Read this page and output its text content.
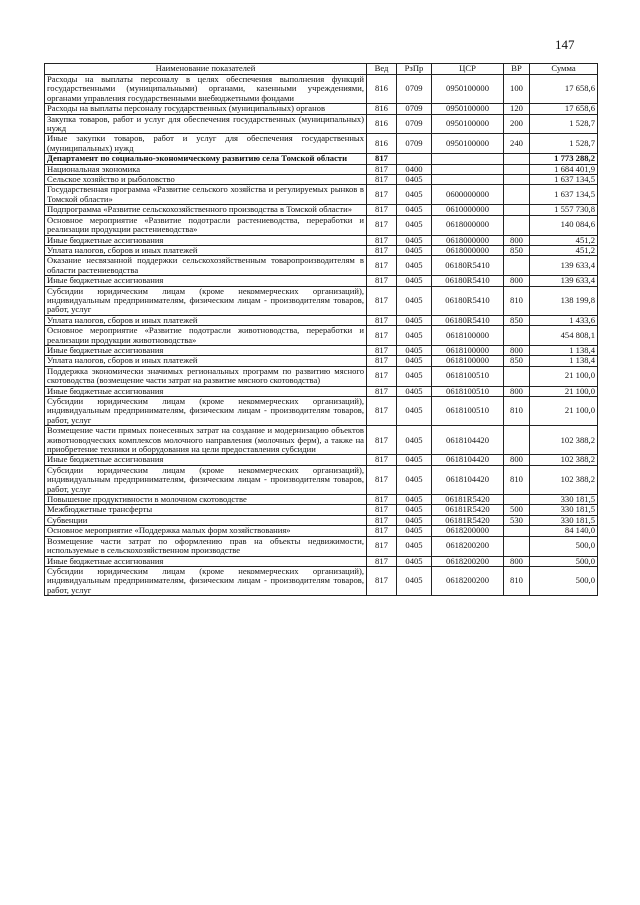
147
Наименование показателей	Вед	РзПр	ЦСР	ВР	Сумма
Расходы на выплаты персоналу в целях обеспечения выполнения функций государственными (муниципальными) органами, казенными учреждениями, органами управления государственными внебюджетными фондами	816	0709	0950100000	100	17 658,6
Расходы на выплаты персоналу государственных (муниципальных) органов	816	0709	0950100000	120	17 658,6
Закупка товаров, работ и услуг для обеспечения государственных (муниципальных) нужд	816	0709	0950100000	200	1 528,7
Иные закупки товаров, работ и услуг для обеспечения государственных (муниципальных) нужд	816	0709	0950100000	240	1 528,7
Департамент по социально-экономическому развитию села Томской области	817				1 773 288,2
Национальная экономика	817	0400			1 684 401,9
Сельское хозяйство и рыболовство	817	0405			1 637 134,5
Государственная программа «Развитие сельского хозяйства и регулируемых рынков в Томской области»	817	0405	0600000000		1 637 134,5
Подпрограмма «Развитие сельскохозяйственного производства в Томской области»	817	0405	0610000000		1 557 730,8
Основное мероприятие «Развитие подотрасли растениеводства, переработки и реализации продукции растениеводства»	817	0405	0618000000		140 084,6
Иные бюджетные ассигнования	817	0405	0618000000	800	451,2
Уплата налогов, сборов и иных платежей	817	0405	0618000000	850	451,2
Оказание несвязанной поддержки сельскохозяйственным товаропроизводителям в области растениеводства	817	0405	06180R5410		139 633,4
Иные бюджетные ассигнования	817	0405	06180R5410	800	139 633,4
Субсидии юридическим лицам (кроме некоммерческих организаций), индивидуальным предпринимателям, физическим лицам - производителям товаров, работ, услуг	817	0405	06180R5410	810	138 199,8
Уплата налогов, сборов и иных платежей	817	0405	06180R5410	850	1 433,6
Основное мероприятие «Развитие подотрасли животноводства, переработки и реализации продукции животноводства»	817	0405	0618100000		454 808,1
Иные бюджетные ассигнования	817	0405	0618100000	800	1 138,4
Уплата налогов, сборов и иных платежей	817	0405	0618100000	850	1 138,4
Поддержка экономически значимых региональных программ по развитию мясного скотоводства (возмещение части затрат на развитие мясного скотоводства)	817	0405	0618100510		21 100,0
Иные бюджетные ассигнования	817	0405	0618100510	800	21 100,0
Субсидии юридическим лицам (кроме некоммерческих организаций), индивидуальным предпринимателям, физическим лицам - производителям товаров, работ, услуг	817	0405	0618100510	810	21 100,0
Возмещение части прямых понесенных затрат на создание и модернизацию объектов животноводческих комплексов молочного направления (молочных ферм), а также на приобретение техники и оборудования на цели предоставления субсидии	817	0405	0618104420		102 388,2
Иные бюджетные ассигнования	817	0405	0618104420	800	102 388,2
Субсидии юридическим лицам (кроме некоммерческих организаций), индивидуальным предпринимателям, физическим лицам - производителям товаров, работ, услуг	817	0405	0618104420	810	102 388,2
Повышение продуктивности в молочном скотоводстве	817	0405	06181R5420		330 181,5
Межбюджетные трансферты	817	0405	06181R5420	500	330 181,5
Субвенции	817	0405	06181R5420	530	330 181,5
Основное мероприятие «Поддержка малых форм хозяйствования»	817	0405	0618200000		84 140,0
Возмещение части затрат по оформлению прав на объекты недвижимости, используемые в сельскохозяйственном производстве	817	0405	0618200200		500,0
Иные бюджетные ассигнования	817	0405	0618200200	800	500,0
Субсидии юридическим лицам (кроме некоммерческих организаций), индивидуальным предпринимателям, физическим лицам - производителям товаров, работ, услуг	817	0405	0618200200	810	500,0
